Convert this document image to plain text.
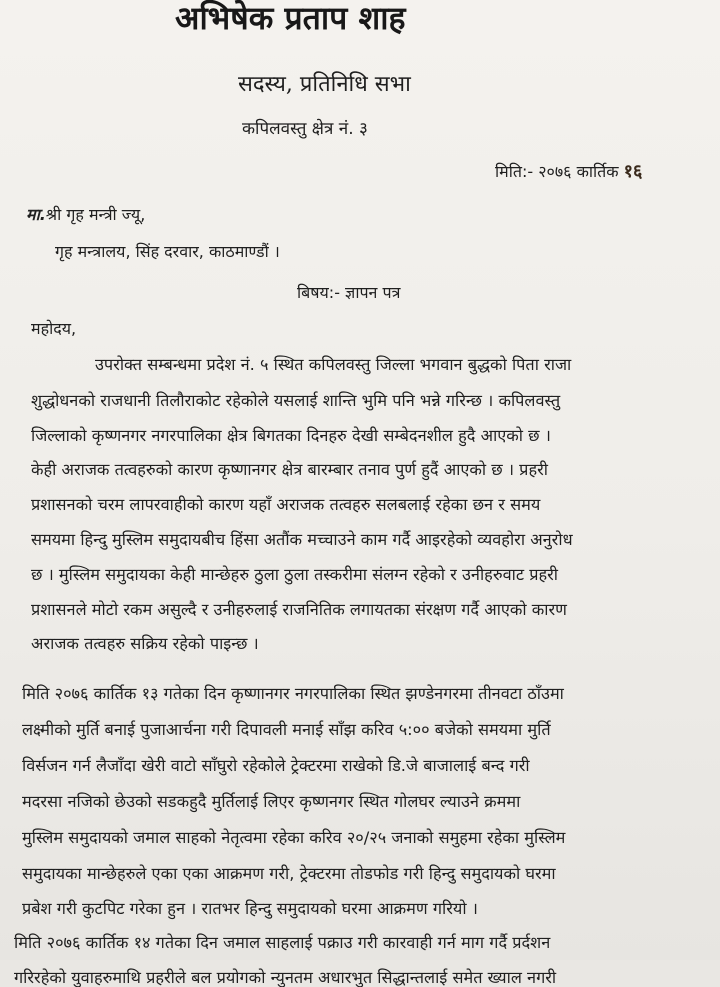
अभिषेक प्रताप शाह
सदस्य, प्रतिनिधि सभा
कपिलवस्तु क्षेत्र नं. ३
मिति:- २०७६ कार्तिक १६
मा.श्री गृह मन्त्री ज्यू,
गृह मन्त्रालय, सिंह दरवार, काठमाण्डौं ।
बिषय:- ज्ञापन पत्र
महोदय,
उपरोक्त सम्बन्धमा प्रदेश नं. ५ स्थित कपिलवस्तु जिल्ला भगवान बुद्धको पिता राजा
शुद्धोधनको राजधानी तिलौराकोट रहेकोले यसलाई शान्ति भुमि पनि भन्ने गरिन्छ । कपिलवस्तु
जिल्लाको कृष्णनगर नगरपालिका क्षेत्र बिगतका दिनहरु देखी सम्बेदनशील हुदै आएको छ ।
केही अराजक तत्वहरुको कारण कृष्णानगर क्षेत्र बारम्बार तनाव पुर्ण हुदैं आएको छ । प्रहरी
प्रशासनको चरम लापरवाहीको कारण यहाँ अराजक तत्वहरु सलबलाई रहेका छन र समय
समयमा हिन्दु मुस्लिम समुदायबीच हिंसा अतौंक मच्चाउने काम गर्दै आइरहेको व्यवहोरा अनुरोध
छ । मुस्लिम समुदायका केही मान्छेहरु ठुला ठुला तस्करीमा संलग्न रहेको र उनीहरुवाट प्रहरी
प्रशासनले मोटो रकम असुल्दै र उनीहरुलाई राजनितिक लगायतका संरक्षण गर्दै आएको कारण
अराजक तत्वहरु सक्रिय रहेको पाइन्छ ।
मिति २०७६ कार्तिक १३ गतेका दिन कृष्णानगर नगरपालिका स्थित झण्डेनगरमा तीनवटा ठाँउमा
लक्ष्मीको मुर्ति बनाई पुजाआर्चना गरी दिपावली मनाई साँझ करिव ५:०० बजेको समयमा मुर्ति
विर्सजन गर्न लैजाँदा खेरी वाटो साँघुरो रहेकोले ट्रेक्टरमा राखेको डि.जे बाजालाई बन्द गरी
मदरसा नजिको छेउको सडकहुदै मुर्तिलाई लिएर कृष्णनगर स्थित गोलघर ल्याउने क्रममा
मुस्लिम समुदायको जमाल साहको नेतृत्वमा रहेका करिव २०/२५ जनाको समुहमा रहेका मुस्लिम
समुदायका मान्छेहरुले एका एका आक्रमण गरी, ट्रेक्टरमा तोडफोड गरी हिन्दु समुदायको घरमा
प्रबेश गरी कुटपिट गरेका हुन । रातभर हिन्दु समुदायको घरमा आक्रमण गरियो ।
मिति २०७६ कार्तिक १४ गतेका दिन जमाल साहलाई पक्राउ गरी कारवाही गर्न माग गर्दै प्रर्दशन
गरिरहेको युवाहरुमाथि प्रहरीले बल प्रयोगको न्युनतम अधारभुत सिद्धान्तलाई समेत ख्याल नगरी
